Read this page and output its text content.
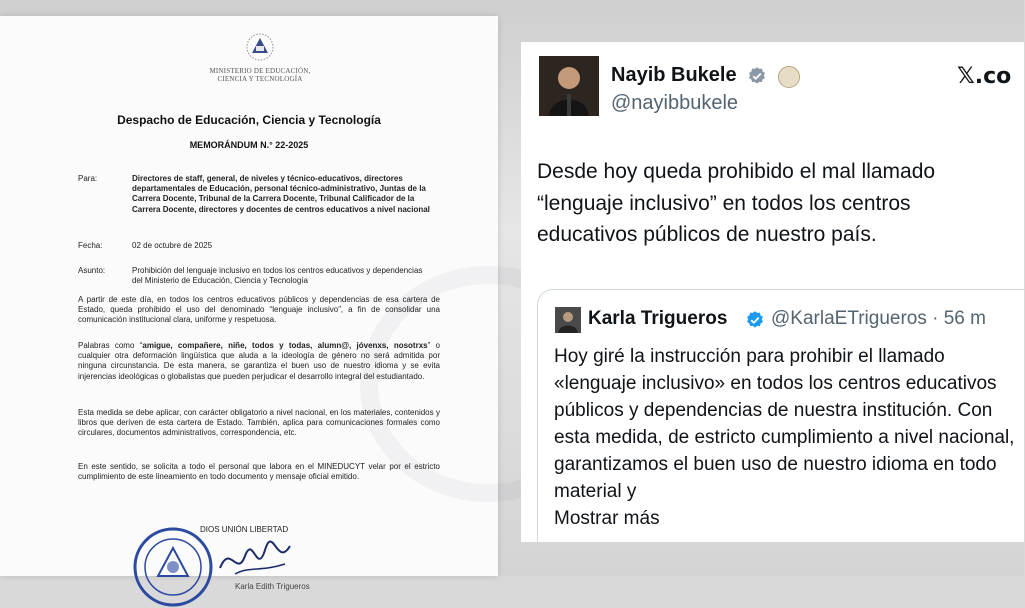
MINISTERIO DE EDUCACIÓN,
CIENCIA Y TECNOLOGÍA
Despacho de Educación, Ciencia y Tecnología
MEMORÁNDUM N.° 22-2025
Para:	Directores de staff, general, de niveles y técnico-educativos, directores departamentales de Educación, personal técnico-administrativo, Juntas de la Carrera Docente, Tribunal de la Carrera Docente, Tribunal Calificador de la Carrera Docente, directores y docentes de centros educativos a nivel nacional
Fecha:	02 de octubre de 2025
Asunto:	Prohibición del lenguaje inclusivo en todos los centros educativos y dependencias del Ministerio de Educación, Ciencia y Tecnología

A partir de este día, en todos los centros educativos públicos y dependencias de esa cartera de Estado, queda prohibido el uso del denominado “lenguaje inclusivo”, a fin de consolidar una comunicación institucional clara, uniforme y respetuosa.

Palabras como “amigue, compañere, niñe, todos y todas, alumn@, jóvenxs, nosotrxs” o cualquier otra deformación lingüística que aluda a la ideología de género no será admitida por ninguna circunstancia. De esta manera, se garantiza el buen uso de nuestro idioma y se evita injerencias ideológicas o globalistas que pueden perjudicar el desarrollo integral del estudiantado.

Esta medida se debe aplicar, con carácter obligatorio a nivel nacional, en los materiales, contenidos y libros que deriven de esta cartera de Estado. También, aplica para comunicaciones formales como circulares, documentos administrativos, correspondencia, etc.

En este sentido, se solicita a todo el personal que labora en el MINEDUCYT velar por el estricto cumplimiento de este lineamiento en todo documento y mensaje oficial emitido.

DIOS UNIÓN LIBERTAD
Karla Edith Trigueros
Nayib Bukele
@nayibbukele
𝕏.co

Desde hoy queda prohibido el mal llamado “lenguaje inclusivo” en todos los centros educativos públicos de nuestro país.

Karla Trigueros @KarlaETrigueros · 56 m

Hoy giré la instrucción para prohibir el llamado «lenguaje inclusivo» en todos los centros educativos públicos y dependencias de nuestra institución. Con esta medida, de estricto cumplimiento a nivel nacional, garantizamos el buen uso de nuestro idioma en todo material y
Mostrar más
